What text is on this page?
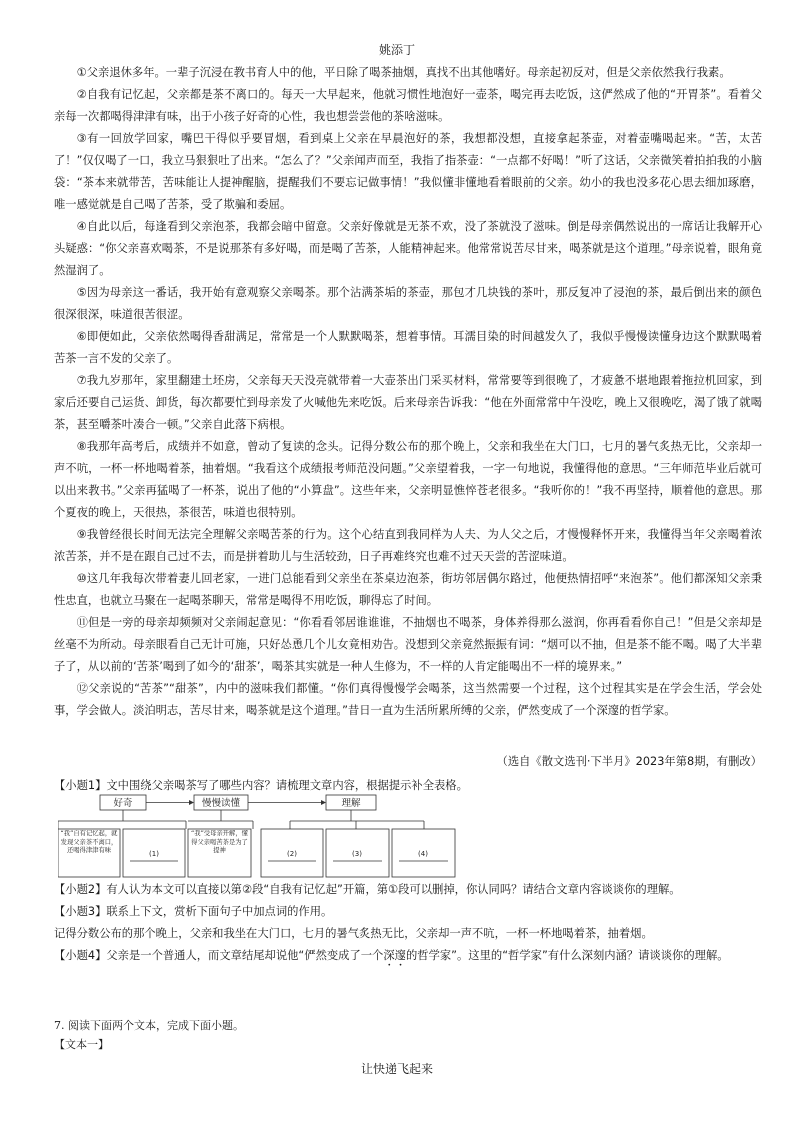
姚添丁

①父亲退休多年。一辈子沉浸在教书育人中的他，平日除了喝茶抽烟，真找不出其他嗜好。母亲起初反对，但是父亲依然我行我素。

②自我有记忆起，父亲都是茶不离口的。每天一大早起来，他就习惯性地泡好一壶茶，喝完再去吃饭，这俨然成了他的“开胃茶”。看着父亲每一次都喝得津津有味，出于小孩子好奇的心性，我也想尝尝他的茶啥滋味。

③有一回放学回家，嘴巴干得似乎要冒烟，看到桌上父亲在早晨泡好的茶，我想都没想，直接拿起茶壶，对着壶嘴喝起来。“苦，太苦了！”仅仅喝了一口，我立马狠狠吐了出来。“怎么了？”父亲闻声而至，我指了指茶壶：“一点都不好喝！”听了这话，父亲微笑着拍拍我的小脑袋：“茶本来就带苦，苦味能让人提神醒脑，提醒我们不要忘记做事情！”我似懂非懂地看着眼前的父亲。幼小的我也没多花心思去细加琢磨，唯一感觉就是自己喝了苦茶，受了欺骗和委屈。

④自此以后，每逢看到父亲泡茶，我都会暗中留意。父亲好像就是无茶不欢，没了茶就没了滋味。倒是母亲偶然说出的一席话让我解开心头疑惑：“你父亲喜欢喝茶，不是说那茶有多好喝，而是喝了苦茶，人能精神起来。他常常说苦尽甘来，喝茶就是这个道理。”母亲说着，眼角竟然湿润了。

⑤因为母亲这一番话，我开始有意观察父亲喝茶。那个沾满茶垢的茶壶，那包才几块钱的茶叶，那反复冲了浸泡的茶，最后倒出来的颜色很深很深，味道很苦很涩。

⑥即便如此，父亲依然喝得香甜满足，常常是一个人默默喝茶，想着事情。耳濡目染的时间越发久了，我似乎慢慢读懂身边这个默默喝着苦茶一言不发的父亲了。

⑦我九岁那年，家里翻建土坯房，父亲每天天没亮就带着一大壶茶出门采买材料，常常要等到很晚了，才疲惫不堪地跟着拖拉机回家，到家后还要自己运货、卸货，每次都要忙到母亲发了火喊他先来吃饭。后来母亲告诉我：“他在外面常常中午没吃，晚上又很晚吃，渴了饿了就喝茶，甚至嚼茶叶凑合一顿。”父亲自此落下病根。

⑧我那年高考后，成绩并不如意，曾动了复读的念头。记得分数公布的那个晚上，父亲和我坐在大门口，七月的暑气炙热无比，父亲却一声不吭，一杯一杯地喝着茶，抽着烟。“我看这个成绩报考师范没问题。”父亲望着我，一字一句地说，我懂得他的意思。“三年师范毕业后就可以出来教书。”父亲再猛喝了一杯茶，说出了他的“小算盘”。这些年来，父亲明显憔悴苍老很多。“我听你的！”我不再坚持，顺着他的意思。那个夏夜的晚上，天很热，茶很苦，味道也很特别。

⑨我曾经很长时间无法完全理解父亲喝苦茶的行为。这个心结直到我同样为人夫、为人父之后，才慢慢释怀开来，我懂得当年父亲喝着浓浓苦茶，并不是在跟自己过不去，而是拼着助儿与生活较劲，日子再难终究也难不过天天尝的苦涩味道。

⑩这几年我每次带着妻儿回老家，一进门总能看到父亲坐在茶桌边泡茶，街坊邻居偶尔路过，他便热情招呼“来泡茶”。他们都深知父亲秉性忠直，也就立马聚在一起喝茶聊天，常常是喝得不用吃饭，聊得忘了时间。

⑪但是一旁的母亲却频频对父亲闹起意见：“你看看邻居谁谁谁，不抽烟也不喝茶，身体养得那么滋润，你再看看你自己！”但是父亲却是丝毫不为所动。母亲眼看自己无计可施，只好怂恿几个儿女竟相劝告。没想到父亲竟然振振有词：“烟可以不抽，但是茶不能不喝。喝了大半辈子了，从以前的‘苦茶’喝到了如今的‘甜茶’，喝茶其实就是一种人生修为，不一样的人肯定能喝出不一样的境界来。”

⑫父亲说的“苦茶”“甜茶”，内中的滋味我们都懂。“你们真得慢慢学会喝茶，这当然需要一个过程，这个过程其实是在学会生活，学会处事，学会做人。淡泊明志，苦尽甘来，喝茶就是这个道理。”昔日一直为生活所累所缚的父亲，俨然变成了一个深邃的哲学家。

（选自《散文选刊·下半月》2023年第8期，有删改）

【小题1】文中围绕父亲喝茶写了哪些内容？请梳理文章内容，根据提示补全表格。

好奇	慢慢读懂	理解
“我”自有记忆起，就发现父亲茶不离口，还喝得津津有味
“我”受母亲开解，懂得父亲喝苦茶是为了提神
(1)	(2)	(3)	(4)

【小题2】有人认为本文可以直接以第②段“自我有记忆起”开篇，第①段可以删掉，你认同吗？请结合文章内容谈谈你的理解。

【小题3】联系上下文，赏析下面句子中加点词的作用。

记得分数公布的那个晚上，父亲和我坐在大门口，七月的暑气炙热无比，父亲却一声不吭，一杯一杯地喝着茶，抽着烟。

【小题4】父亲是一个普通人，而文章结尾却说他“俨然变成了一个深邃的哲学家”。这里的“哲学家”有什么深刻内涵？请谈谈你的理解。

7. 阅读下面两个文本，完成下面小题。
【文本一】
让快递飞起来
